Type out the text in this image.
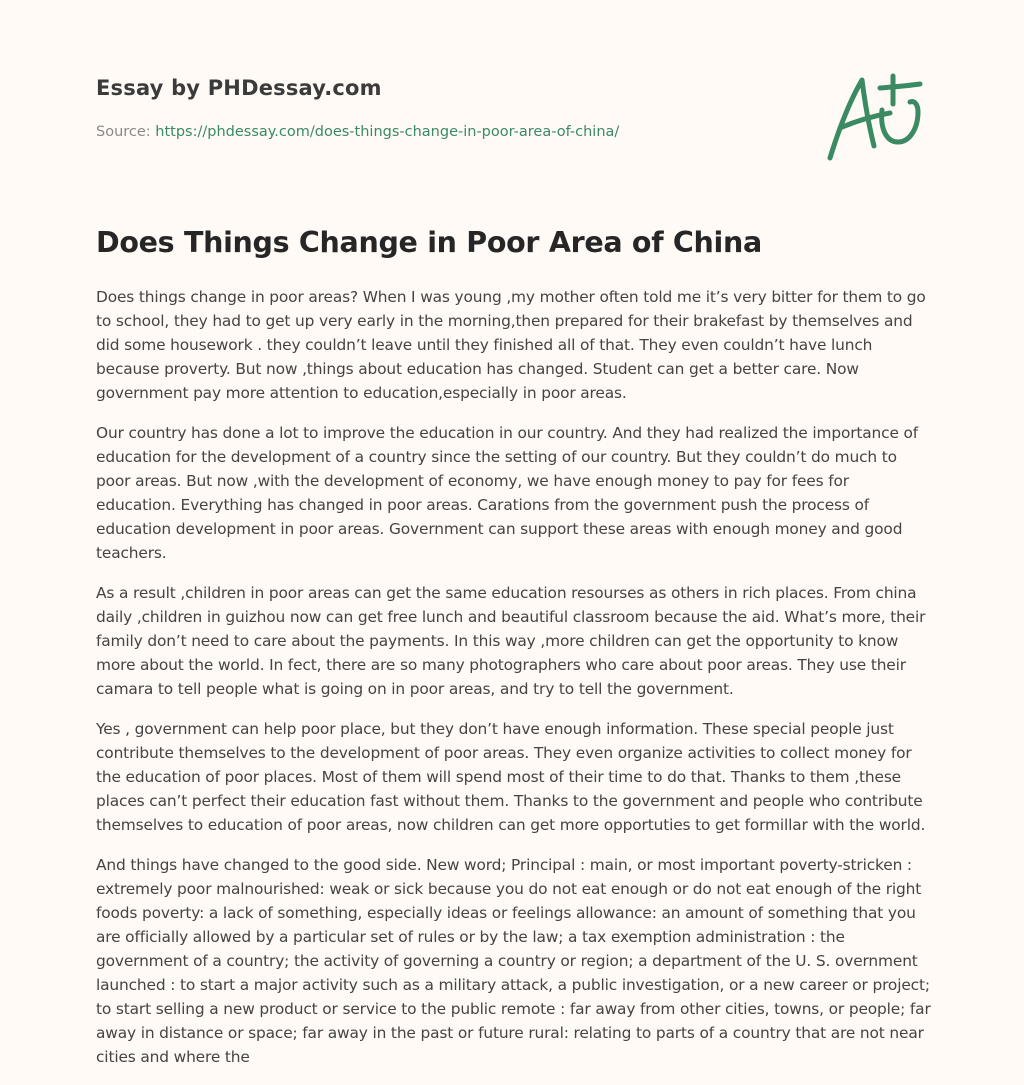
Essay by PHDessay.com
Source: https://phdessay.com/does-things-change-in-poor-area-of-china/
Does Things Change in Poor Area of China

Does things change in poor areas? When I was young ,my mother often told me it’s very bitter for them to go to school, they had to get up very early in the morning,then prepared for their brakefast by themselves and did some housework . they couldn’t leave until they finished all of that. They even couldn’t have lunch because proverty. But now ,things about education has changed. Student can get a better care. Now government pay more attention to education,especially in poor areas.

Our country has done a lot to improve the education in our country. And they had realized the importance of education for the development of a country since the setting of our country. But they couldn’t do much to poor areas. But now ,with the development of economy, we have enough money to pay for fees for education. Everything has changed in poor areas. Carations from the government push the process of education development in poor areas. Government can support these areas with enough money and good teachers.

As a result ,children in poor areas can get the same education resourses as others in rich places. From china daily ,children in guizhou now can get free lunch and beautiful classroom because the aid. What’s more, their family don’t need to care about the payments. In this way ,more children can get the opportunity to know more about the world. In fect, there are so many photographers who care about poor areas. They use their camara to tell people what is going on in poor areas, and try to tell the government.

Yes , government can help poor place, but they don’t have enough information. These special people just contribute themselves to the development of poor areas. They even organize activities to collect money for the education of poor places. Most of them will spend most of their time to do that. Thanks to them ,these places can’t perfect their education fast without them. Thanks to the government and people who contribute themselves to education of poor areas, now children can get more opportuties to get formillar with the world.

And things have changed to the good side. New word; Principal : main, or most important poverty-stricken : extremely poor malnourished: weak or sick because you do not eat enough or do not eat enough of the right foods poverty: a lack of something, especially ideas or feelings allowance: an amount of something that you are officially allowed by a particular set of rules or by the law; a tax exemption administration : the government of a country; the activity of governing a country or region; a department of the U. S. overnment launched : to start a major activity such as a military attack, a public investigation, or a new career or project; to start selling a new product or service to the public remote : far away from other cities, towns, or people; far away in distance or space; far away in the past or future rural: relating to parts of a country that are not near cities and where the
